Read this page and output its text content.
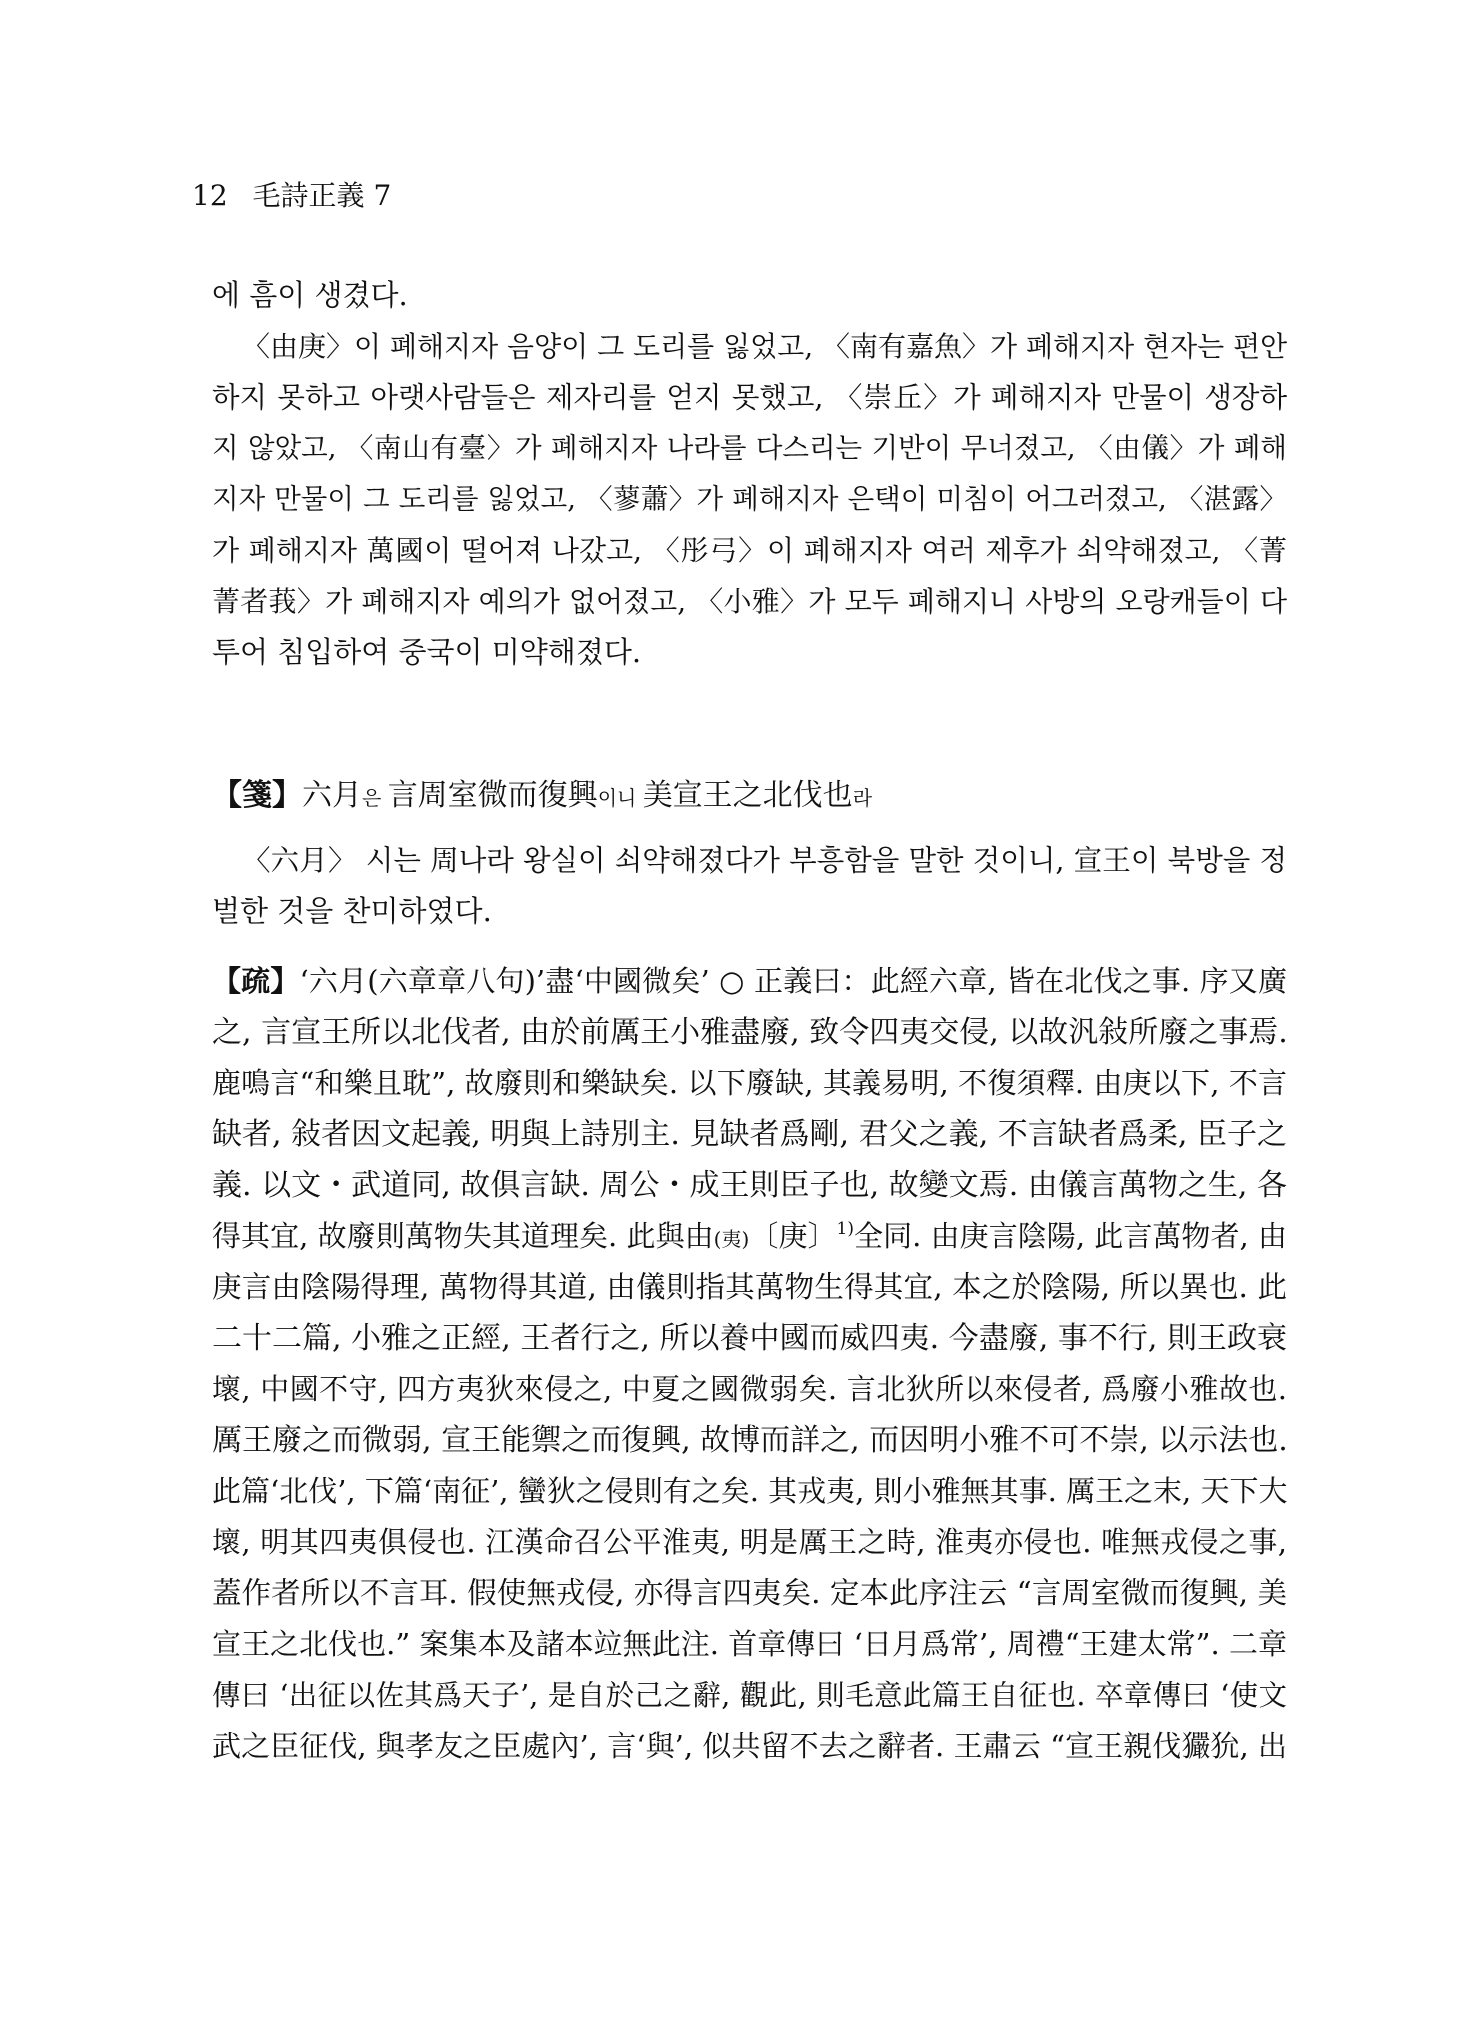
12 毛詩正義 7
에 흠이 생겼다.
〈由庚〉이 폐해지자 음양이 그 도리를 잃었고, 〈南有嘉魚〉가 폐해지자 현자는 편안
하지 못하고 아랫사람들은 제자리를 얻지 못했고, 〈崇丘〉가 폐해지자 만물이 생장하
지 않았고, 〈南山有臺〉가 폐해지자 나라를 다스리는 기반이 무너졌고, 〈由儀〉가 폐해
지자 만물이 그 도리를 잃었고, 〈蓼蕭〉가 폐해지자 은택이 미침이 어그러졌고, 〈湛露〉
가 폐해지자 萬國이 떨어져 나갔고, 〈彤弓〉이 폐해지자 여러 제후가 쇠약해졌고, 〈菁
菁者莪〉가 폐해지자 예의가 없어졌고, 〈小雅〉가 모두 폐해지니 사방의 오랑캐들이 다
투어 침입하여 중국이 미약해졌다.
【箋】六月은 言周室微而復興이니 美宣王之北伐也라
〈六月〉 시는 周나라 왕실이 쇠약해졌다가 부흥함을 말한 것이니, 宣王이 북방을 정
벌한 것을 찬미하였다.
【疏】‘六月(六章章八句)’盡‘中國微矣’ ○ 正義曰：此經六章, 皆在北伐之事. 序又廣
之, 言宣王所以北伐者, 由於前厲王小雅盡廢, 致令四夷交侵, 以故汎敍所廢之事焉.
鹿鳴言“和樂且耽”, 故廢則和樂缺矣. 以下廢缺, 其義易明, 不復須釋. 由庚以下, 不言
缺者, 敍者因文起義, 明與上詩別主. 見缺者爲剛, 君父之義, 不言缺者爲柔, 臣子之
義. 以文・武道同, 故俱言缺. 周公・成王則臣子也, 故變文焉. 由儀言萬物之生, 各
得其宜, 故廢則萬物失其道理矣. 此與由(夷)〔庚〕$^{1)}$全同. 由庚言陰陽, 此言萬物者, 由
庚言由陰陽得理, 萬物得其道, 由儀則指其萬物生得其宜, 本之於陰陽, 所以異也. 此
二十二篇, 小雅之正經, 王者行之, 所以養中國而威四夷. 今盡廢, 事不行, 則王政衰
壞, 中國不守, 四方夷狄來侵之, 中夏之國微弱矣. 言北狄所以來侵者, 爲廢小雅故也.
厲王廢之而微弱, 宣王能禦之而復興, 故博而詳之, 而因明小雅不可不崇, 以示法也.
此篇‘北伐’, 下篇‘南征’, 蠻狄之侵則有之矣. 其戎夷, 則小雅無其事. 厲王之末, 天下大
壞, 明其四夷俱侵也. 江漢命召公平淮夷, 明是厲王之時, 淮夷亦侵也. 唯無戎侵之事,
蓋作者所以不言耳. 假使無戎侵, 亦得言四夷矣. 定本此序注云 “言周室微而復興, 美
宣王之北伐也.” 案集本及諸本竝無此注. 首章傳曰 ‘日月爲常’, 周禮“王建太常”. 二章
傳曰 ‘出征以佐其爲天子’, 是自於己之辭, 觀此, 則毛意此篇王自征也. 卒章傳曰 ‘使文
武之臣征伐, 與孝友之臣處內’, 言‘與’, 似共留不去之辭者. 王肅云 “宣王親伐玁狁, 出
